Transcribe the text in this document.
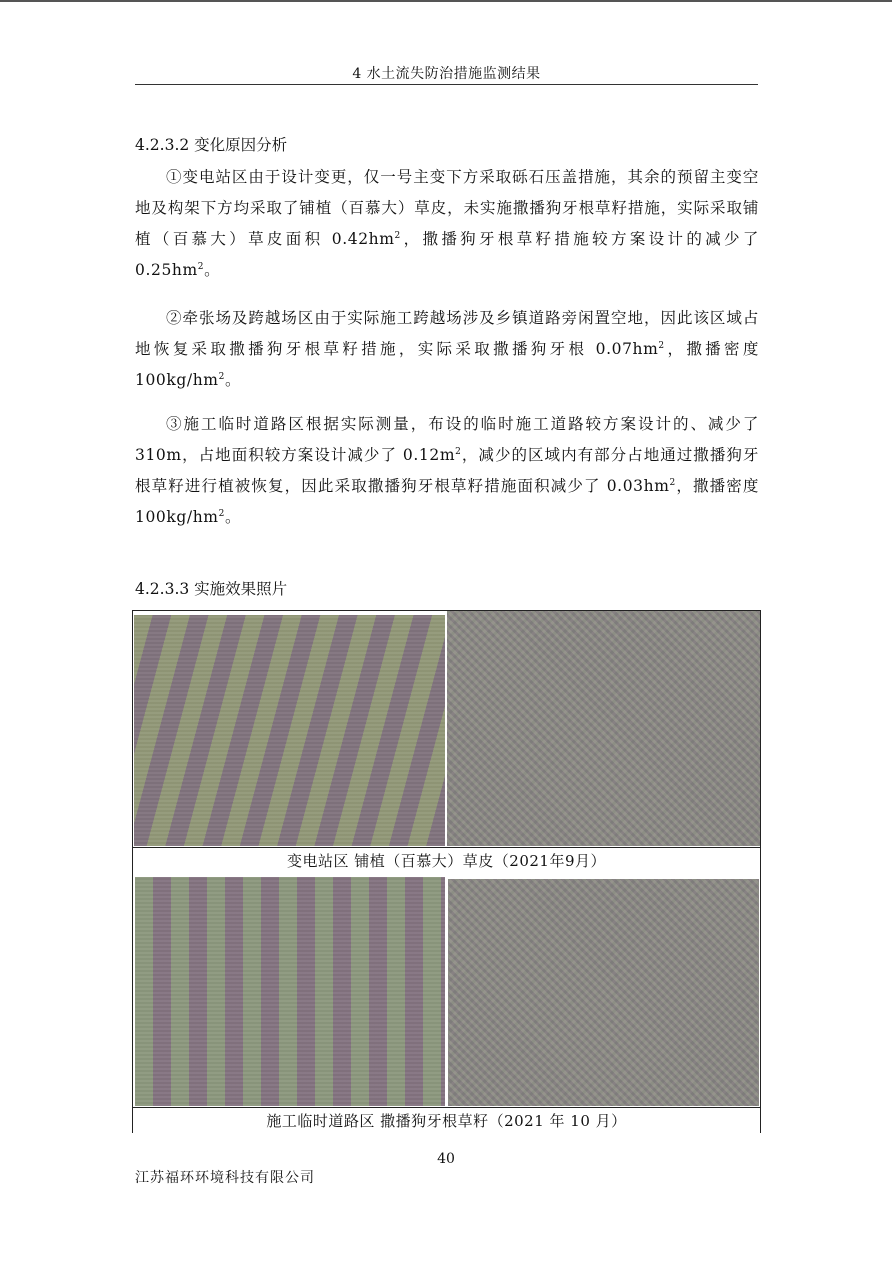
4 水土流失防治措施监测结果
4.2.3.2 变化原因分析

①变电站区由于设计变更，仅一号主变下方采取砾石压盖措施，其余的预留主变空地及构架下方均采取了铺植（百慕大）草皮，未实施撒播狗牙根草籽措施，实际采取铺植（百慕大）草皮面积 $0.42hm^2$，撒播狗牙根草籽措施较方案设计的减少了 $0.25hm^2$。

②牵张场及跨越场区由于实际施工跨越场涉及乡镇道路旁闲置空地，因此该区域占地恢复采取撒播狗牙根草籽措施，实际采取撒播狗牙根 $0.07hm^2$，撒播密度 $100kg/hm^2$。

③施工临时道路区根据实际测量，布设的临时施工道路较方案设计的、减少了 310m，占地面积较方案设计减少了 $0.12m^2$，减少的区域内有部分占地通过撒播狗牙根草籽进行植被恢复，因此采取撒播狗牙根草籽措施面积减少了 $0.03hm^2$，撒播密度 $100kg/hm^2$。

4.2.3.3 实施效果照片
变电站区 铺植（百慕大）草皮（2021年9月）
施工临时道路区 撒播狗牙根草籽（2021 年 10 月）
40
江苏福环环境科技有限公司
